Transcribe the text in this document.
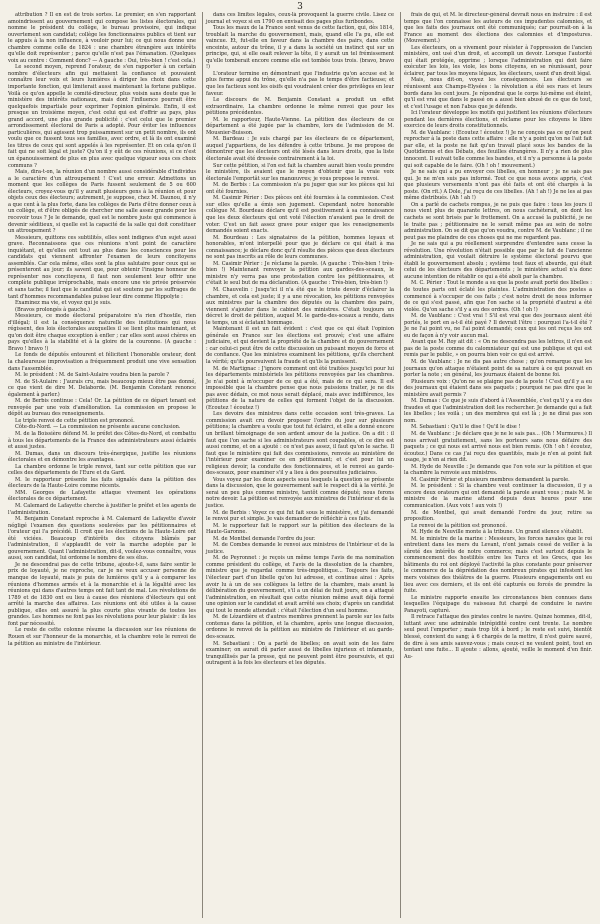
3

attribution ? Il en est de trois sortes. Le premier, en s'en rapportant amoindrissent au gouvernement qui compose les listes électorales, qui nomme le président du collège, le bureau provisoire, qui indique ouvertement son candidat; collège les fonctionnaires publics et tient sur le appuis à la non influence, à vouloir pour lui; ce qui nous donne une chambre comme celle de 1824 : une chambre étrangère aux intérêts qu'elle doit représenter ; parce qu'elle n'est pas l'émanation. (Quelques voix au centre : Comment donc? — A gauche : Oui, très-bien ! c'est cela.)

Le second moyen, reprend l'orateur, de s'en rapporter à un certain nombre d'électeurs afin qui mettaient la confiance et pouvaient connaître leur voix et leurs lumières à diriger les choix dans cette importante fonction, qui limiterait aussi maintenant la fortune publique. Voilà ce qu'on appelle le comité-directeur, plus voisin sans doute que le ministère des intérêts nationaux, mais dont l'influence pourrait être quelquefois impartiale pour exprimer l'opinion générale. Enfin, il est presque un troisième moyen, c'est celui qui est d'offrir au pays, plus grand accord, une plus grande publicité : c'est celui que le premier arrondissement électoral de Paris a adopté. Pour éviter les influences particulières, qui agissent trop puissamment sur un petit nombre, ils ont voulu que ce fussent tous ses familles, avec ordre, et là ils ont examiné les titres de ceux qui sont appelés à les représenter. Et on cela qu'on il fait qui ne soit légal et juste? Qu'on il y eût de ces réunions, si ce n'est un épanouissement de plus en plus avec quelque vigueur sous ces choix communs ?

Mais, dira-t-on, la réunion d'un nombre aussi considérable d'individus a le caractère d'un attroupement ! C'est une erreur. Admettons un moment que les collèges de Paris fussent seulement de 5 ou 600 électeurs, croyez-vous qu'il y aurait plusieurs gens à la réunion et pour objets ceux des électeurs; autrement, je suppose, chez M. Daunou, il n'y a que cent à la plus forte, dans les collèges de Paris d'être donner ceux à un collège, et d'être obligés de chercher une salle assez grande pour les recevoir tous ? Je le demande, quel est le nombre juste qui commence à devenir séditieux, si quelle est la capacité de la salle qui doit constituer un attroupement ?

Messieurs, quittons ces subtilités, elles sont indignes d'un sujet aussi grave. Reconnaissons que ces réunions n'ont point de caractère inquiétant, et qu'elles ont tout au plus dans les consciences pour les candidats qui viennent affronter l'examen de leurs concitoyens assemblés. Car cela même, elles sont la plus salutaire pour ceux qui se présenteront au jour; ils savent que, pour obtenir l'insigne honneur de représenter nos concitoyens, il faut non seulement leur offrir une complète publique irréprochable, mais encore une vie privée préservée et sans tache; il faut que le candidat qui est soutenu par les suffrages de tant d'hommes recommandables puisse leur dire comme Hippolyte :

Examinez ma vie, et voyez qui je suis.

(Bravos prolongés à gauche.)

Messieurs, ce mode électoral préparatoire n'a rien d'hostile, rien d'illégal; il est la conséquence naturelle des institutions qui nous régissent, des lois électorales auxquelles il se lient plus maintenant, et qu'on doit être chaque exception à enfler ; car elles sont aussi chères en pays qu'elles à la stabilité et à la gloire de la couronne. (A gauche : Bravo ! bravo !)

Le fonds de députés entourent et félicitent l'honorable orateur, dont la chaleureuse improvisation a fréquemment produit une vive sensation dans l'assemblée.

M. le président : M. de Saint-Aulaire voudra bien la parole ?

M. de St-Aulaire : J'aurais cru, mais beaucoup mieux être pas donné, ce que vient de dire M. Delaborde. (M. Benjamin Constant renonce également à parler.)

M. de Berbis continue : Cela! Or. La pétition de ce départ tenant est renvoyée par une voix d'amélioration. La commission en propose le dépôt au bureau des renseignements.

Le triple renvoi de cette pétition est prononcé.

Côte-du-Nord. — La commission ne présente aucune conclusion.

M. de la Boissière défend M. le préfet des Côtes-du-Nord, et combattu à tous les départements de la France des administrateurs aussi éclairés et aussi justes.

M. Dumas, dans un discours très-énergique, justifie les réunions électorales et en démontre les avantages.

La chambre ordonne le triple renvoi, tant sur cette pétition que sur celles des départements de l'Eure et du Gard.

M. le rapporteur présente les faits signalés dans la pétition des électeurs de la Haute-Loire comme récents.

MM. Georges de Lafayette attaque vivement les opérations électorales de ce département.

M. Calemard de Lafayette cherche à justifier le préfet et les agents de l'administration.

M. Benjamin Constant reproche à M. Calemard de Lafayette d'avoir négligé l'examen des questions soulevées par les pétitionnaires et l'orateur qui l'a précédé. Il croit que les élections de la Haute-Loire ont été viciées. Beaucoup d'intérêts des citoyens blâmés par l'administration, il s'applaudit de voir la marche adoptée par le gouvernement. Quant l'administration, dit-il, voulez-vous connaître, vous aussi, son candidat, lui ordonne le nombre de ses élus.

Je ne descendrai pas de cette tribune, ajoute-t-il, sans faire sentir le prix de loyauté, je ne reproche, car je ne veux accuser personne de manque de loyauté, mais je puis de lumières qu'il y a à comparer les réunions d'hommes armés et à la monarchie et à la légalité avec les réunions qui dans d'autres temps ont fait tant de mal. Les révolutions de 1789 et de 1830 ont eu lieu à cause des réunions d'électeurs qui ont arrêté la marche des affaires. Les réunions ont été utiles à la cause publique, elles ont assuré la plus courte plus vivante de toutes les grandes. Les hommes ne font pas les révolutions pour leur plaisir : ils les font par nécessité.

Le reste de cette colonne résume la discussion sur les réunions de Rouen et sur l'honneur de la monarchie, et la chambre vote le renvoi de la pétition au ministre de l'intérieur.

dans ces limites légales, ceux-là provoquent la guerre civile. Lisez ce journal et voyez si en 1790 on envisait des pages plus furibondes.

Tous les maux de la France sont venus de cette faction, qui, dès 1814, troublait la marche du gouvernement, mais, quand elle l'a pu, elle est vaincue. Et, fut-elle en faveur dans la chambre des pairs, dans cette enceinte, autour du trône, il y a dans la société un instinct qui sur un principe, qui, si elle osait relever la tête, il y aurait un tel frémissement qu'elle tomberait encore comme elle est tombée tous trois. (bravo, bravo !)

L'orateur termine en démontrant que l'industrie qu'on accuse est le plus ferme appui du trône, qu'elle n'a pas le temps d'être factieuse; et que les factieux sont les oisifs qui voudraient créer des privilèges en leur faveur.

Le discours de M. Benjamin Constant a produit un effet extraordinaire. La chambre ordonne le même renvoi que pour les pétitions précédentes.

M. le rapporteur, Haute-Vienne. La pétition des électeurs de ce département a été jugée par la chambre, lors de l'admission de M. Mousnier-Buisson.

M. Bardeau : Je suis chargé par les électeurs de ce département, auquel j'appartiens, de les défendre à cette tribune. Je me propose de démontrer que les électeurs ont été lésés dans leurs droits, que la liste électorale avait été dressée contrairement à la loi.

Sur cette pétition, si l'on est fait la chambre aurait bien voulu prendre le ministère, ils avaient que le moyen d'obtenir que la vraie voix électorale l'emportât sur les manœuvres; je vous propose le renvoi.

M. de Berbis : La commission n'a pu juger que sur les pièces qui lui ont été fournies.

M. Casimir Périer : Des pièces ont été fournies à la commission. C'est sur elles qu'elle a émis son jugement. Cependant notre honorable collègue M. Bourdeau déclare qu'il est positivement à sa connaissance que les deux électeurs qui ont voté l'élection n'avaient pas le droit de voter. C'est un fait assez grave pour exiger que les renseignements demandés soient exacts.

M. Bourdeau : Les signataires de la pétition, hommes loyaux et honorables, m'ont interpellé pour que je déclare ce qui était à ma connaissance; je déclare donc qu'il résulte des pièces que deux électeurs ne sont pas inscrits au rôle de leurs communes.

M. Casimir Périer : Je réclame la parole. (A gauche : Très-bien ! très-bien !) Maintenant renvoyer la pétition aux gardes-des-sceaux, le ministre n'y verra pas une protestation contre les pétitionnaires, et c'était le seul but de ma déclaration. (A gauche : Très-bien, très-bien !)

M. Chauvelin : Jusqu'ici il n'a été que le triste devoir d'éclairer la chambre, et cela est juste; il y a une révocation, les pétitions renvoyées aux ministres par la chambre des députés ou la chambre des pairs, viennent s'ajouter dans le cabinet des ministres. C'était toujours un décret le droit de pétition, auquel M. le garde-des-sceaux a rendu, dans le temps, un si éclatant hommage.

Maintenant il est un fait évident : c'est que ce qui était l'opinion générale en France sur les élections est prouvé; c'est une affaire judiciaire, et qui devient la propriété de la chambre et du gouvernement : car celui-ci peut être de cette discussion un puissant moyen de force et de confiance. Que les ministres examinent les pétitions, qu'ils cherchent la vérité; qu'ils poursuivent la fraude et qu'ils la punissent.

M. de Martignac : J'ignore comment ont été traitées jusqu'ici pour lui les départements ministériels les pétitions renvoyées par les chambres. Je n'ai point à m'occuper de ce qui a été, mais de ce qui sera. Il est impossible que la chambre pense que nous puissions traiter, je ne dis pas avec dédain, ce mot nous serait déplacé, mais avec indifférence, les pétitions de la nature de celles qui forment l'objet de la discussion. (Ecoutez ! écoutez !)

Les devoirs des ministres dans cette occasion sont très-graves. La commission avait cru devoir proposer l'ordre du jour sur plusieurs pétitions; la chambre a voulu que tout fut éclairci, et elle a donné encore un brillant témoignage de son ardent amour de la justice. On a dit : il faut que l'on sache si les administrateurs sont coupables, et ce dire est aussi comme, et on a ajouté : ce n'est pas assez, il faut qu'on le sache. Il faut que le ministère qui fait des commissions, renvoie au ministère de l'intérieur pour examiner ce en pétitionnant; et c'est pour lui un religieux devoir, la conduite des fonctionnaires, et le renvoi au garde-des-sceaux, pour examiner s'il y a lieu à des poursuites judiciaires.

Vous voyez par les deux aspects sous lesquels la question se présente dans la discussion, que le gouvernement sait le respect dû à la vérité. Je serai un peu plus comme ministre, tantôt comme député; nous ferons notre devoir. La pétition est renvoyée aux ministres de l'intérieur et de la justice.

M. de Berbis : Voyez ce qui fut fait sous le ministère, et j'ai demandé le renvoi pur et simple. Je vais demander de réfléchir à ces faits.

M. le rapporteur fait le rapport sur la pétition des électeurs de la Haute-Garonne.

M. de Montbel demande l'ordre du jour.

M. de Combes demande le renvoi aux ministres de l'intérieur et de la justice.

M. de Peyronnet : je reçois un même temps l'avis de ma nomination comme président du collège, et l'avis de la dissolution de la chambre, ministre que je regardai comme très-impolitique... Toujours les faits, l'électeur part d'un libelle qu'on lui adresse, et continue ainsi : Après avoir lu à un de ses collègues la lettre de la chambre, mais avant la délibération du gouvernement, s'il a un délai de huit jours, on a attaqué l'administration, en résultait que cette réunion même avait déjà formé une opinion sur le candidat et avait arrêté ses choix; d'après un candidat qui tout le monde attendait : c'était l'élection d'un seul homme.

M. de Lézardière et d'autres membres prennent la parole sur les faits contenus dans la pétition, et la chambre, après une longue discussion, ordonne le renvoi de la pétition au ministre de l'intérieur et au garde-des-sceaux.

M. Sebastiani : On a parlé de libelles; on avait soin de les faire examiner; on aurait dû parler aussi de libelles injurieux et infamants, tranquillisés par la presse, qui ne peuvent point être poursuivis, et qui outragent à la fois les électeurs et les députés.

frais de qui, et M. le directeur-général devrait nous en instruire : il est temps que l'on connaisse les auteurs de ces impudentes calomnies, et que les faits des journaux ont été communiqués; car pourrait-on à la France au moment des élections des calomnies et d'impostures. (Mouvement.)

Les électeurs, on a vivement pour résister à l'oppression de l'ancien ministère, ont usé d'un droit, et accompli un devoir. Lorsque l'autorité qui était protégée, opprime ; lorsque l'administration qui doit faire exécuter les lois, les viole, les bons citoyens, en se réunissant, pour éclairer, par tous les moyens légaux, les électeurs, usent d'un droit légal.

Mais, nous dit-on, voyez les conséquences. Les électeurs se réunissent aux Champs-Elysées : la révolution a été ses rues et leurs bords dans les cent jours. Je répondrai que le corps lui-même est éteint, qu'il est vrai que dans le passé on a aussi bien abusé de ce que de tout, et c'est l'usage et non l'abus que je défends.

Ici l'orateur développe les motifs qui justifient les réunions d'électeurs pendant les dernières élections, et réclame pour les citoyens le libre exercice de leurs droits constitutionnels.

M. de Vaublanc : (Ecoutez ! écoutez !) Je ne conçois pas ce qu'on peut reprocher à la poste dans cette affaire : elle n'y a point qu'on ne l'ait fait par elle, et la poste ne fait qu'un travail placé sous les bandes de la Quotidienne et des Débats, des feuilles étrangères. Il n'y a rien de plus innocent. Il suivait telle comme les bandes, et il n'y a personne à la poste qui soit capable de le faire. (Oh ! oh ! mouvement.)

Je ne sais qui a pu envoyer ces libelles, en honneur ; je ne sais pas qui. Je ne m'en suis pas informé. Tout ce que nous avons appris, c'est que plusieurs versements n'ont pas été faits et ont été chargés à la poste. (On rit.) A Dole, j'ai reçu de ces libelles. (Ah ! ah !) Je ne les ai pas même distribués. (Ah ! ah !)

On a parlé de cachets rompus, je ne puis que faire : tous les jours il nous vient plus de quarante lettres, on nous cachèterait, on dont les cachets se sont brisés par le frottement. On a accusé la publicité, je ne le traite pas ; pétitionnaire ne le serait même pas au sein de notre administration. On se dit que qu'on voudra, contre M. de Vaublanc ; il ne peut pas me plaindre de ces choses qui ne me regardent pas.

Je ne sais qui a pu réellement surprendre d'entendre sans cesse la révolution. Une révolution n'était possible que par le fait de l'ancienne administration, qui voulait détruire le système électoral pourvu que établi le gouvernement absolu ; système tout faux et absurde, qui était celui de les électeurs des départements ; le ministère actuel n'a donc aucune intention de rétablir ce qui a été aboli par la chambre.

M. C. Périer : Tout le monde a su que la poste avait porté des libelles : de toutes parts ont éclaté les plaintes. L'administration des postes a commencé à s'occuper de ces faits ; c'est notre droit de nous informer de ce qui s'est passé, afin que l'on sache si la propriété d'autrui a été violée. Qu'on sache s'il y a eu des ordres. (Oh ! oh !)

M. de Vaublanc : C'est vrai ! S'il est vrai que des journaux aient été portés, le port en a-t-il été payé ? Il devrait l'être : pourquoi l'a-t-il été ? Je ne l'ai point vu, ne l'ai point demandé; ceux qui les ont reçus les ont eu de façon à n'y voir aucun mal.

Avant que M. Roy ait dit : « On ne descendra pas les lettres, il n'en est pas de la poste comme du calomniateur qui est une publique et qui est remis par le public, » on pourra bien voir ce qui est arrivé.

M. de Vaublanc : Je ne dis pas autre chose ; qu'on remarque que les journaux qu'on attaque n'étaient point de sa nature à ce qui pouvait en porter la note ; en général, les journaux étaient de bonne foi.

Plusieurs voix : Qu'on ne se plaigne pas de la poste ! C'est qu'il y a eu des journaux qui étaient dans ses paquets ; pourquoi ne pas dire que le ministère avait permis ?

M. Dumas : Ce que je suis d'abord à l'Assemblée, c'est qu'il y a eu des fraudes et que l'administration doit les rechercher. Je demande qui a fait les libelles ; les voilà ; un des membres qui est là ; je ne dirai pas son nom.

M. Sebastiani : Qu'il le dise ! Qu'il le dise !

M. de Vaublanc : Je déclare que je ne le sais pas... (Oh ! Murmures.) Il nous arrivait gratuitement, sans les porteurs sans nous défaire des paquets ; ce qui nous est arrivé nous est bien remis. (Oh ! oh ! écoutez, écoutez.) Dans ce cas j'ai reçu des quantités, mais je n'en ai point fait usage, je n'en ai rien dit.

M. Hyde de Neuville : Je demande que l'on vote sur la pétition et que la chambre la renvoie aux ministres.

M. Casimir Périer et plusieurs membres demandent la parole.

M. le président : Si la chambre veut continuer la discussion, il y a encore deux orateurs qui ont demandé la parole avant vous ; mais M. le ministre de la marine attend depuis deux heures pour une communication. (Aux voix ! aux voix !)

M. de Montbel, qui avait demandé l'ordre du jour, retire sa proposition.

Le renvoi de la pétition est prononcé.

M. Hyde de Neuville monte à la tribune. Un grand silence s'établit.

M. le ministre de la marine : Messieurs, les forces navales que le roi entretient dans les mers du Levant, n'ont jamais cessé de veiller à la sûreté des intérêts de notre commerce; mais c'est surtout depuis le commencement des hostilités entre les Turcs et les Grecs, que les bâtiments du roi ont déployé l'activité la plus constante pour préserver le commerce de la déprédation des nombreux pirates qui infestent les mers voisines des théâtres de la guerre. Plusieurs engagements ont eu lieu avec ces derniers, et ils ont été capturés ou forcés de prendre la fuite.

Le ministre rapporte ensuite les circonstances bien connues dans lesquelles l'équipage du vaisseau fut chargé de conduire le navire Panayoti, capturé.

Il retrace l'attaque des pirates contre le navire. Quinze hommes, dit-il, luttant avec une admirable intrépidité contre cent trente. Le nombre seul peut l'emporter ; mais trop tôt à bord ; le reste est suivi, bientôt blessé, convient du sang; à 6 chargés de la mettre, il n'est guère sauvé, de dire à ses amis sauvez-vous ; mais ceux-ci ne veulent point, tout en tentant une fuite... Il ajoute : allons, ajouté, veille le moment d'en finir. Au-
